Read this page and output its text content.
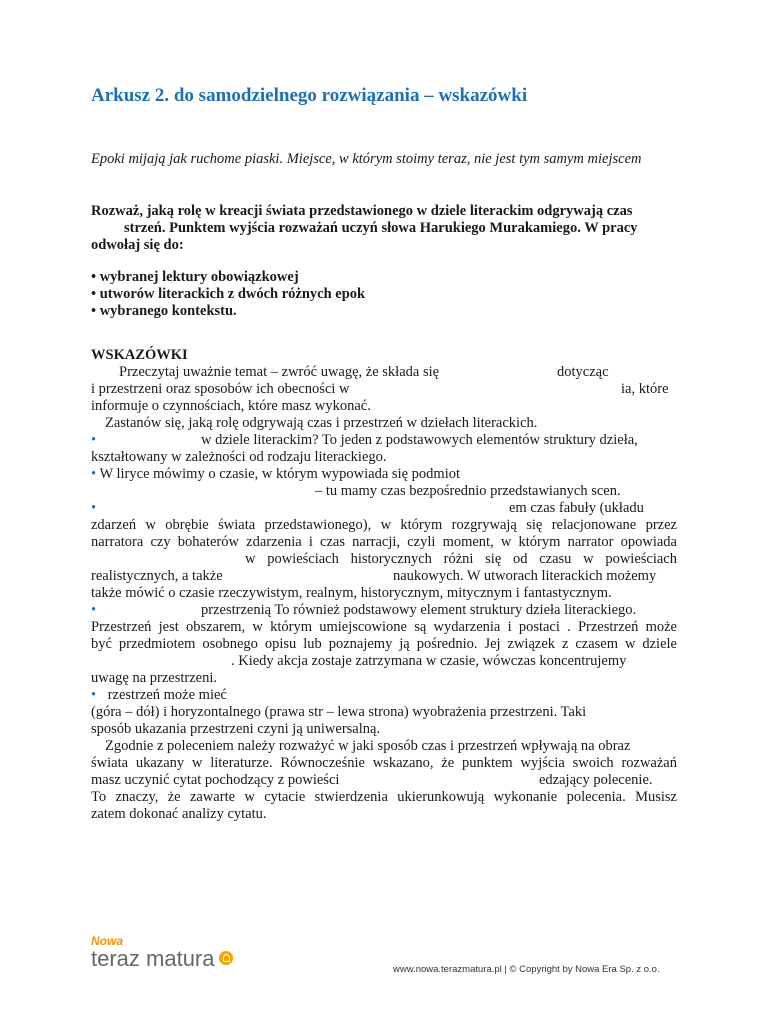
Arkusz 2. do samodzielnego rozwiązania – wskazówki
Epoki mijają jak ruchome piaski. Miejsce, w którym stoimy teraz, nie jest tym samym miejscem

Rozważ, jaką rolę w kreacji świata przedstawionego w dziele literackim odgrywają czas

strzeń. Punktem wyjścia rozważań uczyń słowa Harukiego Murakamiego. W pracy

odwołaj się do:

• wybranej lektury obowiązkowej
• utworów literackich z dwóch różnych epok
• wybranego kontekstu.
WSKAZÓWKI
Przeczytaj uważnie temat – zwróć uwagę, że składa się	dotycząc
i przestrzeni oraz sposobów ich obecności w	ia, które
informuje o czynnościach, które masz wykonać.
Zastanów się, jaką rolę odgrywają czas i przestrzeń w dziełach literackich.
•	w dziele literackim? To jeden z podstawowych elementów struktury dzieła,
kształtowany w zależności od rodzaju literackiego.
• W liryce mówimy o czasie, w którym wypowiada się podmiot
– tu mamy czas bezpośrednio przedstawianych scen.
•	em czas fabuły (układu
zdarzeń w obrębie świata przedstawionego), w którym rozgrywają się relacjonowane przez
narratora czy bohaterów zdarzenia i czas narracji, czyli moment, w którym narrator opowiada
w powieściach historycznych różni się od czasu w powieściach
realistycznych, a także	naukowych. W utworach literackich możemy
także mówić o czasie rzeczywistym, realnym, historycznym, mitycznym i fantastycznym.
•	przestrzenią To również podstawowy element struktury dzieła literackiego.
Przestrzeń jest obszarem, w którym umiejscowione są wydarzenia i postaci . Przestrzeń może
być przedmiotem osobnego opisu lub poznajemy ją pośrednio. Jej związek z czasem w dziele
. Kiedy akcja zostaje zatrzymana w czasie, wówczas koncentrujemy
uwagę na przestrzeni.
• rzestrzeń może mieć
(góra – dół) i horyzontalnego (prawa str – lewa strona) wyobrażenia przestrzeni. Taki
sposób ukazania przestrzeni czyni ją uniwersalną.
Zgodnie z poleceniem należy rozważyć w jaki sposób czas i przestrzeń wpływają na obraz
świata ukazany w literaturze. Równocześnie wskazano, że punktem wyjścia swoich rozważań
masz uczynić cytat pochodzący z powieści	edzający polecenie.
To znaczy, że zawarte w cytacie stwierdzenia ukierunkowują wykonanie polecenia. Musisz
zatem dokonać analizy cytatu.
Nowa
teraz matura	www.nowa.terazmatura.pl | © Copyright by Nowa Era Sp. z o.o.
